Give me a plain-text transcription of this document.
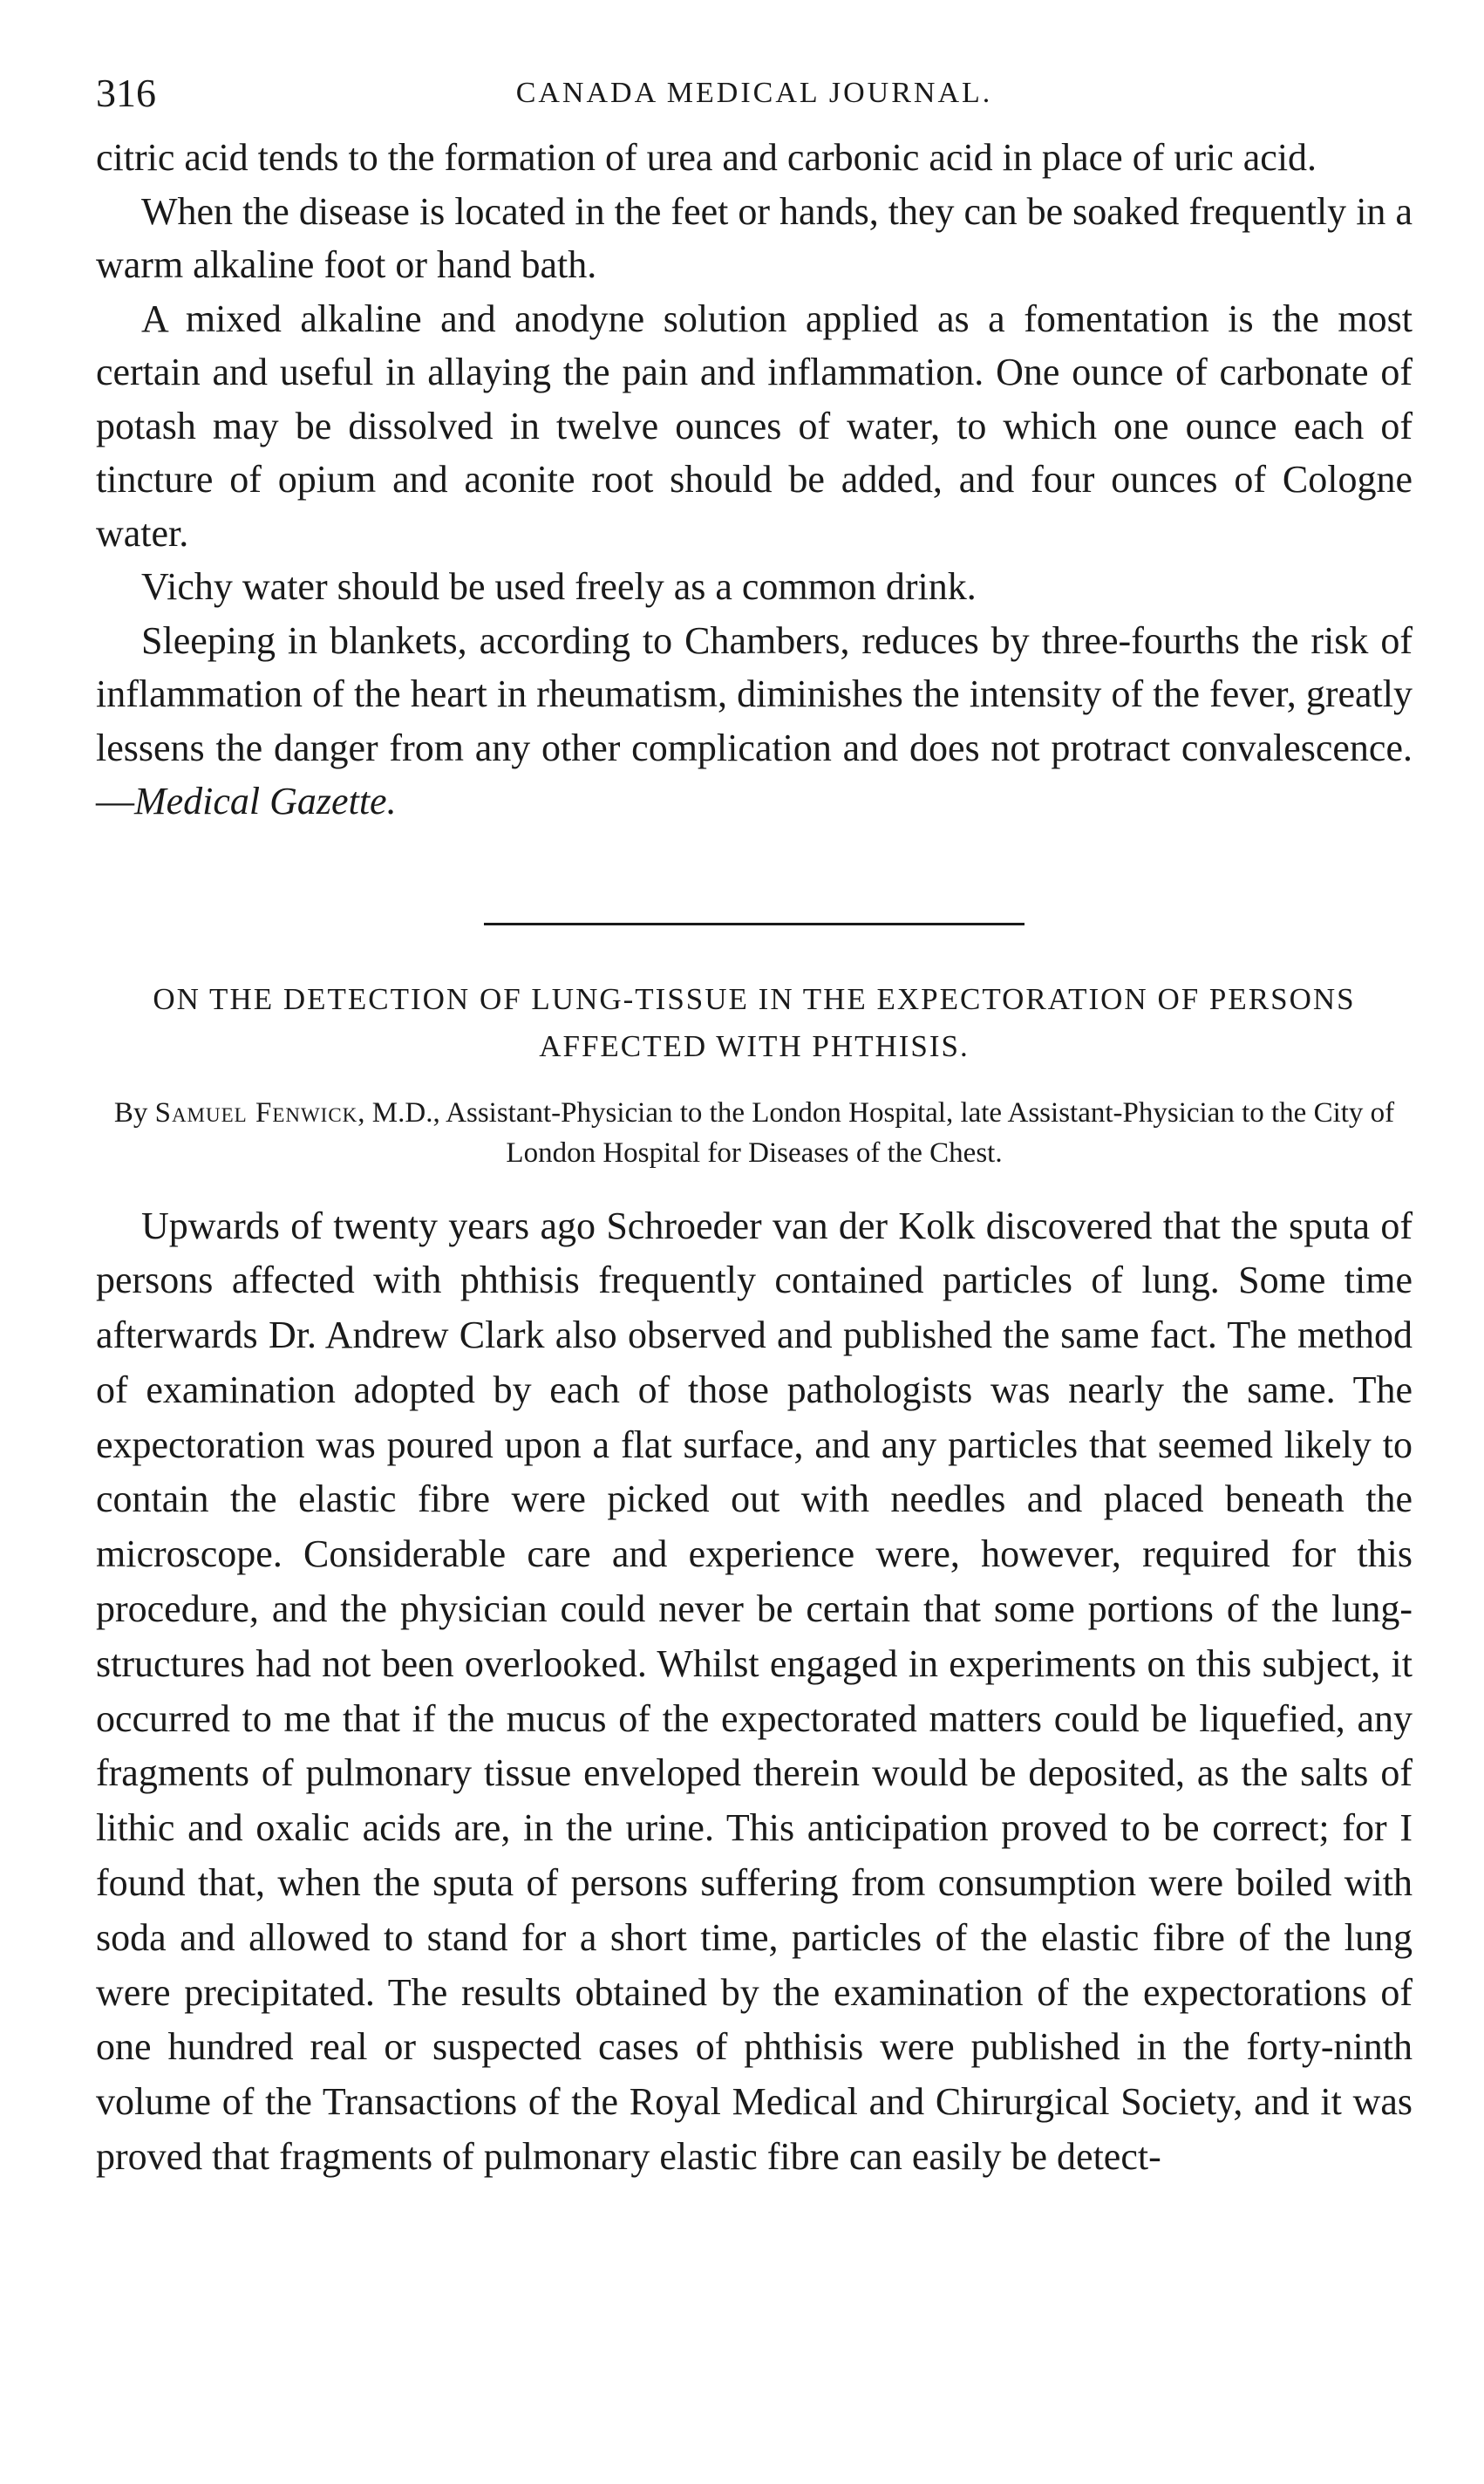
316	CANADA MEDICAL JOURNAL.

citric acid tends to the formation of urea and carbonic acid in place of uric acid.

When the disease is located in the feet or hands, they can be soaked frequently in a warm alkaline foot or hand bath.

A mixed alkaline and anodyne solution applied as a fomentation is the most certain and useful in allaying the pain and inflammation. One ounce of carbonate of potash may be dissolved in twelve ounces of water, to which one ounce each of tincture of opium and aconite root should be added, and four ounces of Cologne water.

Vichy water should be used freely as a common drink.

Sleeping in blankets, according to Chambers, reduces by three-fourths the risk of inflammation of the heart in rheumatism, diminishes the intensity of the fever, greatly lessens the danger from any other complication and does not protract convalescence.—Medical Gazette.

ON THE DETECTION OF LUNG-TISSUE IN THE EXPECTORATION OF PERSONS AFFECTED WITH PHTHISIS.
By Samuel Fenwick, M.D., Assistant-Physician to the London Hospital, late Assistant-Physician to the City of London Hospital for Diseases of the Chest.

Upwards of twenty years ago Schroeder van der Kolk discovered that the sputa of persons affected with phthisis frequently contained particles of lung. Some time afterwards Dr. Andrew Clark also observed and published the same fact. The method of examination adopted by each of those pathologists was nearly the same. The expectoration was poured upon a flat surface, and any particles that seemed likely to contain the elastic fibre were picked out with needles and placed beneath the microscope. Considerable care and experience were, however, required for this procedure, and the physician could never be certain that some portions of the lung-structures had not been overlooked. Whilst engaged in experiments on this subject, it occurred to me that if the mucus of the expectorated matters could be liquefied, any fragments of pulmonary tissue enveloped therein would be deposited, as the salts of lithic and oxalic acids are, in the urine. This anticipation proved to be correct; for I found that, when the sputa of persons suffering from consumption were boiled with soda and allowed to stand for a short time, particles of the elastic fibre of the lung were precipitated. The results obtained by the examination of the expectorations of one hundred real or suspected cases of phthisis were published in the forty-ninth volume of the Transactions of the Royal Medical and Chirurgical Society, and it was proved that fragments of pulmonary elastic fibre can easily be detect-
